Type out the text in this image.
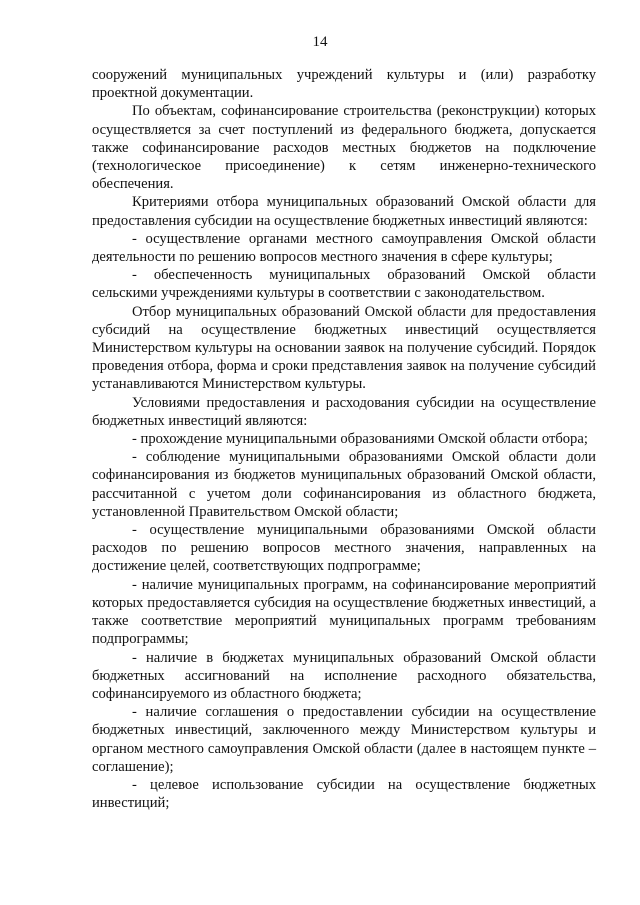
14

сооружений муниципальных учреждений культуры и (или) разработку проектной документации.

По объектам, софинансирование строительства (реконструкции) которых осуществляется за счет поступлений из федерального бюджета, допускается также софинансирование расходов местных бюджетов на подключение (технологическое присоединение) к сетям инженерно-технического обеспечения.

Критериями отбора муниципальных образований Омской области для предоставления субсидии на осуществление бюджетных инвестиций являются:

- осуществление органами местного самоуправления Омской области деятельности по решению вопросов местного значения в сфере культуры;

- обеспеченность муниципальных образований Омской области сельскими учреждениями культуры в соответствии с законодательством.

Отбор муниципальных образований Омской области для предоставления субсидий на осуществление бюджетных инвестиций осуществляется Министерством культуры на основании заявок на получение субсидий. Порядок проведения отбора, форма и сроки представления заявок на получение субсидий устанавливаются Министерством культуры.

Условиями предоставления и расходования субсидии на осуществление бюджетных инвестиций являются:

- прохождение муниципальными образованиями Омской области отбора;

- соблюдение муниципальными образованиями Омской области доли софинансирования из бюджетов муниципальных образований Омской области, рассчитанной с учетом доли софинансирования из областного бюджета, установленной Правительством Омской области;

- осуществление муниципальными образованиями Омской области расходов по решению вопросов местного значения, направленных на достижение целей, соответствующих подпрограмме;

- наличие муниципальных программ, на софинансирование мероприятий которых предоставляется субсидия на осуществление бюджетных инвестиций, а также соответствие мероприятий муниципальных программ требованиям подпрограммы;

- наличие в бюджетах муниципальных образований Омской области бюджетных ассигнований на исполнение расходного обязательства, софинансируемого из областного бюджета;

- наличие соглашения о предоставлении субсидии на осуществление бюджетных инвестиций, заключенного между Министерством культуры и органом местного самоуправления Омской области (далее в настоящем пункте – соглашение);

- целевое использование субсидии на осуществление бюджетных инвестиций;
